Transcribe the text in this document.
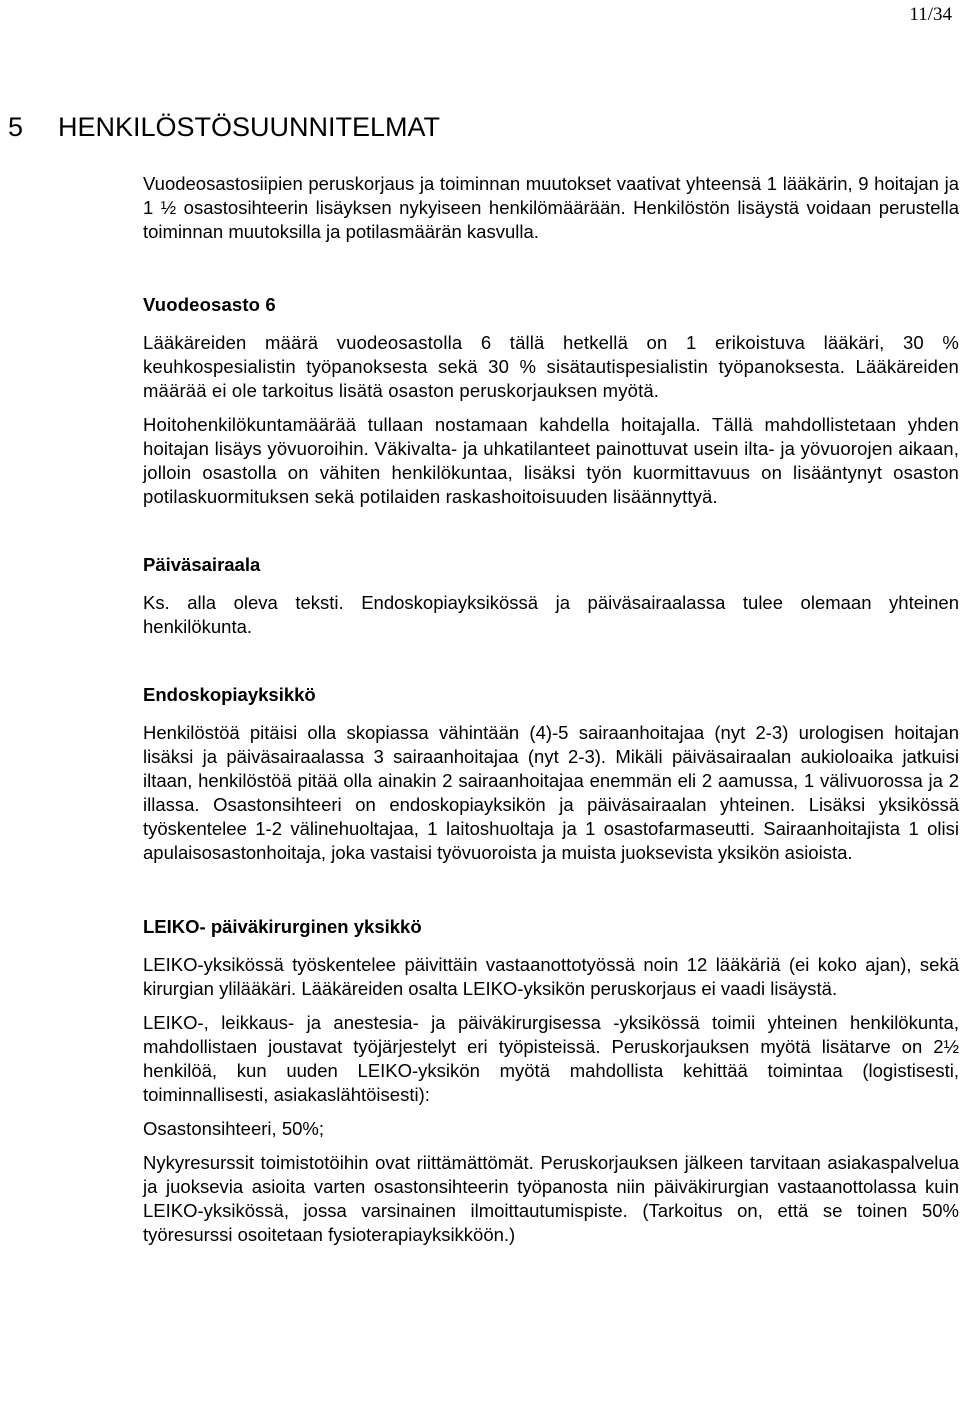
11/34
5 HENKILÖSTÖSUUNNITELMAT

Vuodeosastosiipien peruskorjaus ja toiminnan muutokset vaativat yhteensä 1 lääkärin, 9 hoitajan ja 1 ½ osastosihteerin lisäyksen nykyiseen henkilömäärään. Henkilöstön lisäystä voidaan perustella toiminnan muutoksilla ja potilasmäärän kasvulla.

Vuodeosasto 6

Lääkäreiden määrä vuodeosastolla 6 tällä hetkellä on 1 erikoistuva lääkäri, 30 % keuhkospesialistin työpanoksesta sekä 30 % sisätautispesialistin työpanoksesta. Lääkäreiden määrää ei ole tarkoitus lisätä osaston peruskorjauksen myötä.

Hoitohenkilökuntamäärää tullaan nostamaan kahdella hoitajalla. Tällä mahdollistetaan yhden hoitajan lisäys yövuoroihin. Väkivalta- ja uhkatilanteet painottuvat usein ilta- ja yövuorojen aikaan, jolloin osastolla on vähiten henkilökuntaa, lisäksi työn kuormittavuus on lisääntynyt osaston potilaskuormituksen sekä potilaiden raskashoitoisuuden lisäännyttyä.

Päiväsairaala

Ks. alla oleva teksti. Endoskopiayksikössä ja päiväsairaalassa tulee olemaan yhteinen henkilökunta.

Endoskopiayksikkö

Henkilöstöä pitäisi olla skopiassa vähintään (4)-5 sairaanhoitajaa (nyt 2-3) urologisen hoitajan lisäksi ja päiväsairaalassa 3 sairaanhoitajaa (nyt 2-3). Mikäli päiväsairaalan aukioloaika jatkuisi iltaan, henkilöstöä pitää olla ainakin 2 sairaanhoitajaa enemmän eli 2 aamussa, 1 välivuorossa ja 2 illassa. Osastonsihteeri on endoskopiayksikön ja päiväsairaalan yhteinen. Lisäksi yksikössä työskentelee 1-2 välinehuoltajaa, 1 laitoshuoltaja ja 1 osastofarmaseutti. Sairaanhoitajista 1 olisi apulaisosastonhoitaja, joka vastaisi työvuoroista ja muista juoksevista yksikön asioista.

LEIKO- päiväkirurginen yksikkö

LEIKO-yksikössä työskentelee päivittäin vastaanottotyössä noin 12 lääkäriä (ei koko ajan), sekä kirurgian ylilääkäri. Lääkäreiden osalta LEIKO-yksikön peruskorjaus ei vaadi lisäystä.

LEIKO-, leikkaus- ja anestesia- ja päiväkirurgisessa -yksikössä toimii yhteinen henkilökunta, mahdollistaen joustavat työjärjestelyt eri työpisteissä. Peruskorjauksen myötä lisätarve on 2½ henkilöä, kun uuden LEIKO-yksikön myötä mahdollista kehittää toimintaa (logistisesti, toiminnallisesti, asiakaslähtöisesti):

Osastonsihteeri, 50%;

Nykyresurssit toimistotöihin ovat riittämättömät. Peruskorjauksen jälkeen tarvitaan asiakaspalvelua ja juoksevia asioita varten osastonsihteerin työpanosta niin päiväkirurgian vastaanottolassa kuin LEIKO-yksikössä, jossa varsinainen ilmoittautumispiste. (Tarkoitus on, että se toinen 50% työresurssi osoitetaan fysioterapiayksikköön.)
